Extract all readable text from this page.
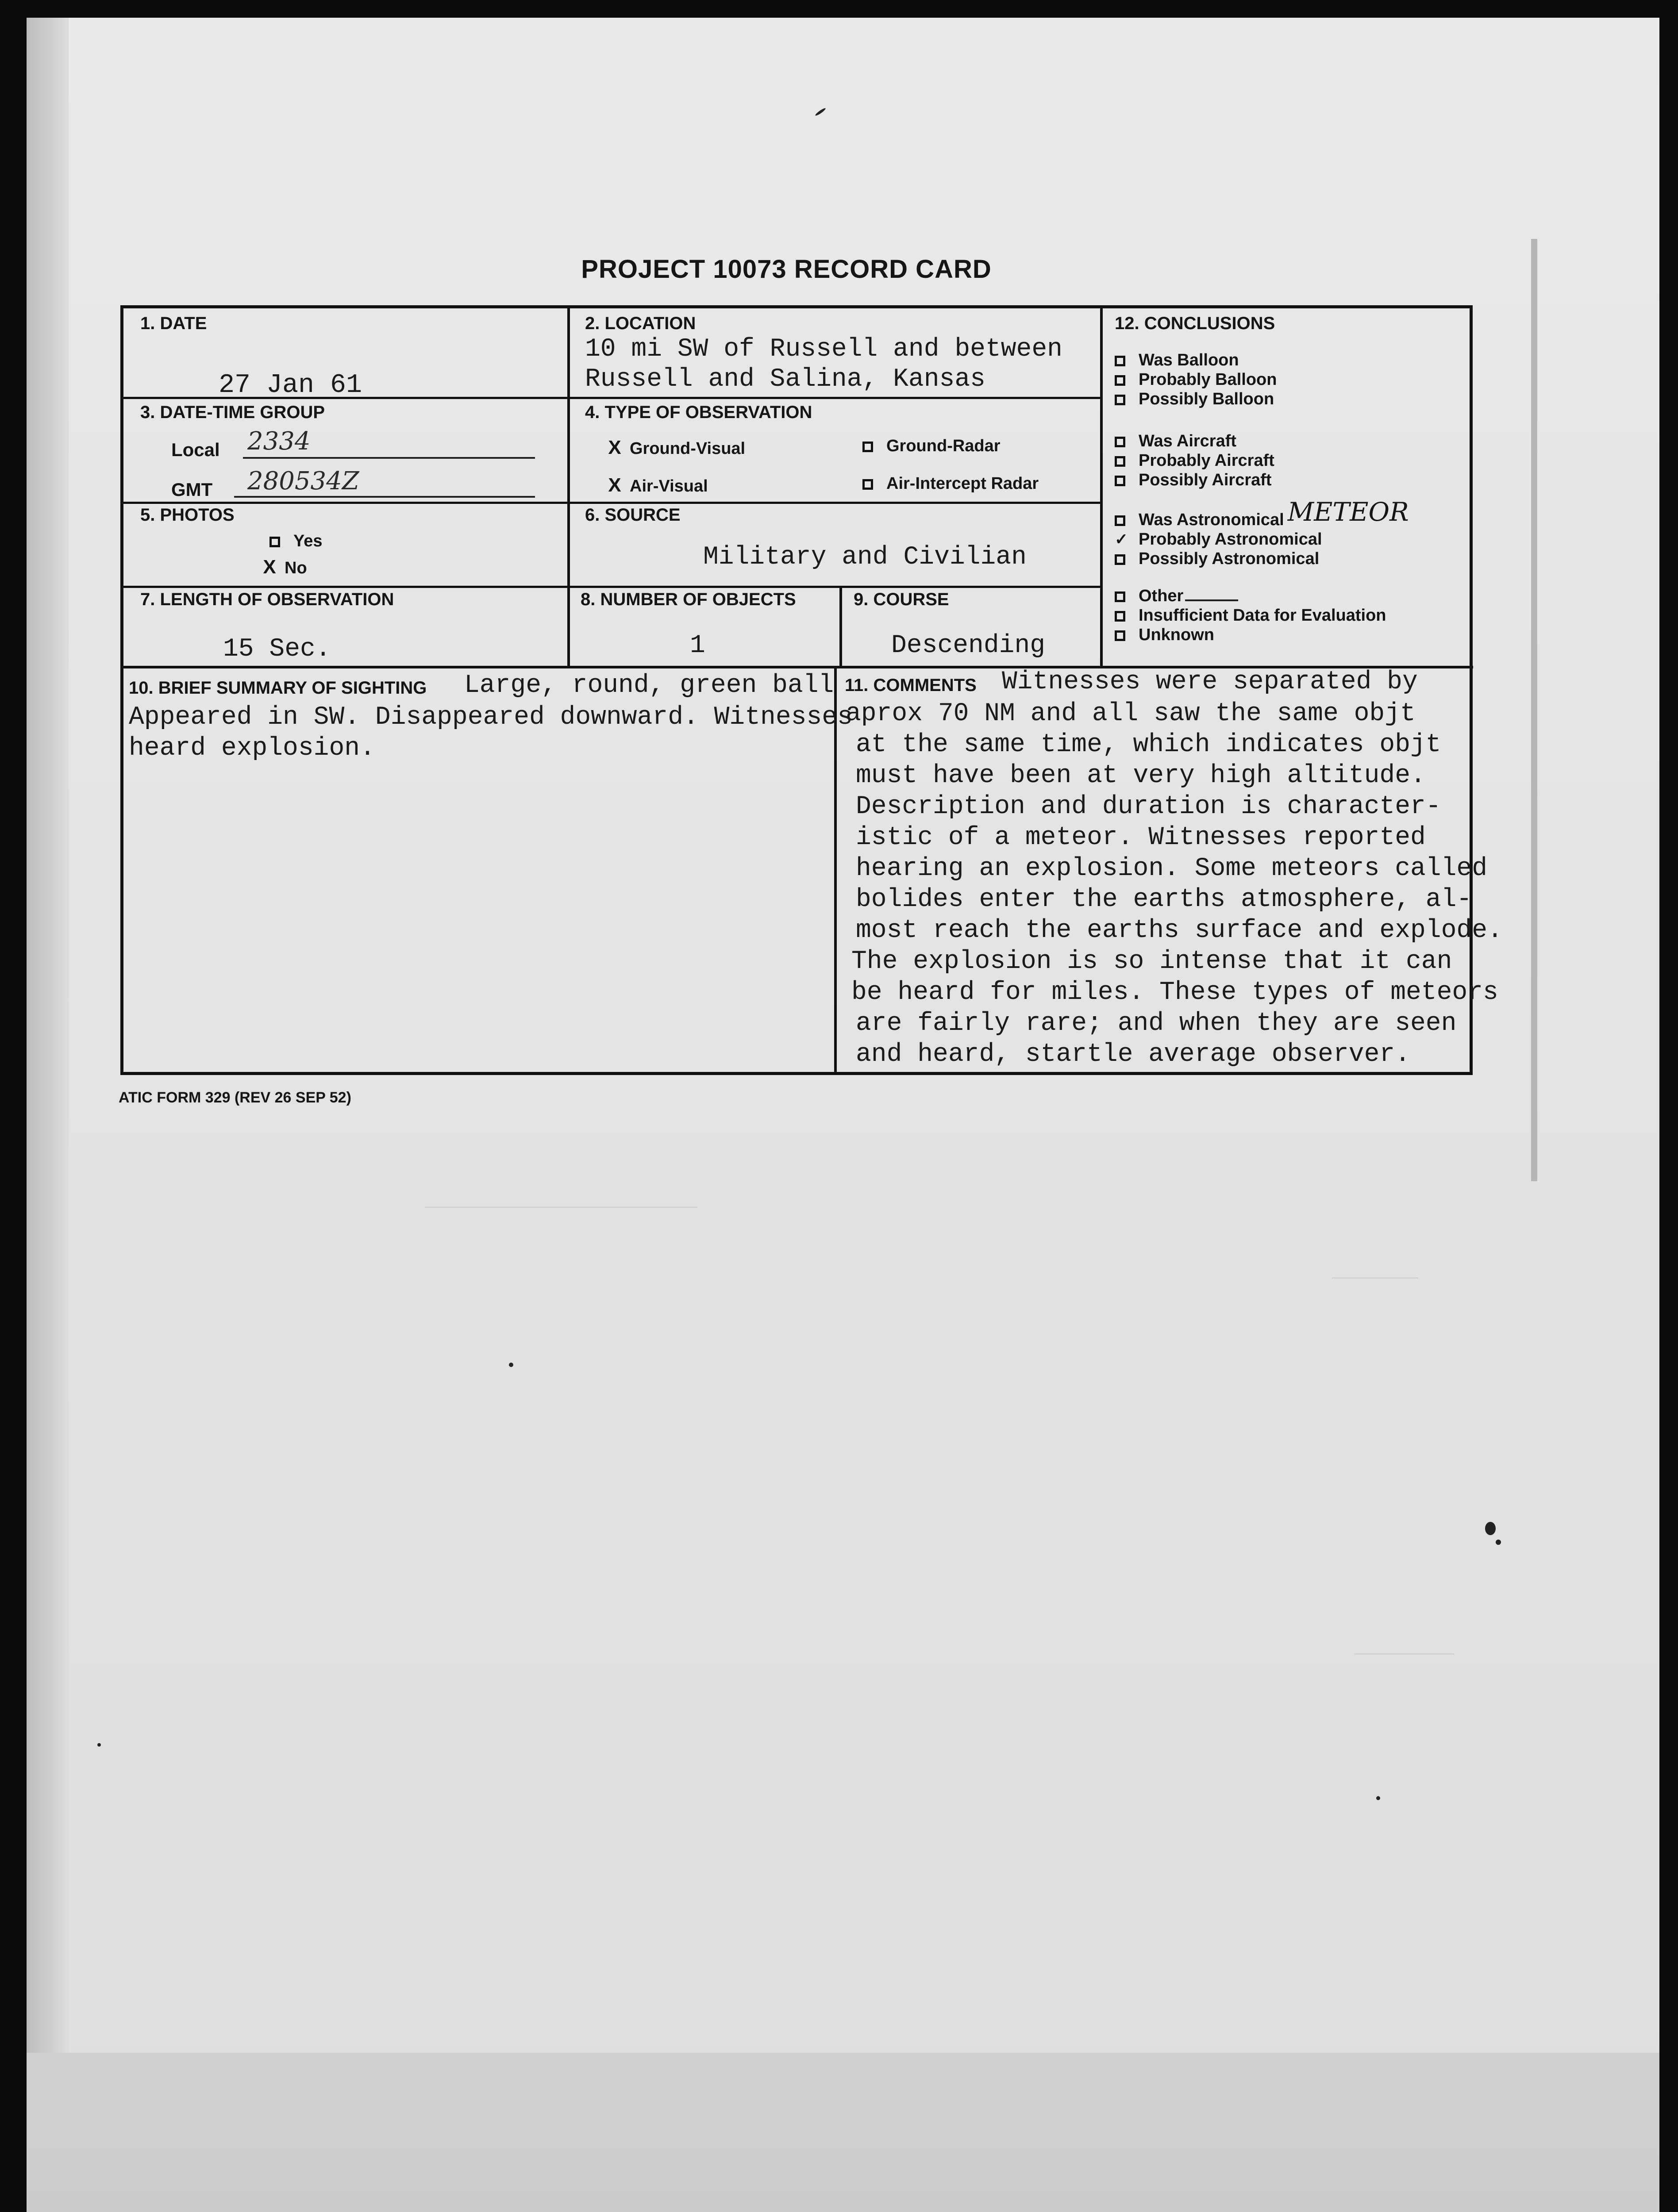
___________________
______
_______
PROJECT 10073 RECORD CARD
1. DATE
27 Jan 61
2. LOCATION
10 mi SW of Russell and between
Russell and Salina, Kansas
3. DATE-TIME GROUP
Local 2334
GMT 280534Z
4. TYPE OF OBSERVATION
X Ground-Visual	Ground-Radar
X Air-Visual	Air-Intercept Radar
5. PHOTOS
Yes
X No
6. SOURCE
Military and Civilian
7. LENGTH OF OBSERVATION
15 Sec.
8. NUMBER OF OBJECTS
1
9. COURSE
Descending
12. CONCLUSIONS
Was Balloon
Probably Balloon
Possibly Balloon
Was Aircraft
Probably Aircraft
Possibly Aircraft
Was Astronomical METEOR
✓ Probably Astronomical
Possibly Astronomical
Other
Insufficient Data for Evaluation
Unknown
10. BRIEF SUMMARY OF SIGHTING Large, round, green ball
Appeared in SW. Disappeared downward. Witnesses
heard explosion.
11. COMMENTS Witnesses were separated by
aprox 70 NM and all saw the same objt
at the same time, which indicates objt
must have been at very high altitude.
Description and duration is character-
istic of a meteor. Witnesses reported
hearing an explosion. Some meteors called
bolides enter the earths atmosphere, al-
most reach the earths surface and explode.
The explosion is so intense that it can
be heard for miles. These types of meteors
are fairly rare; and when they are seen
and heard, startle average observer.
ATIC FORM 329 (REV 26 SEP 52)
